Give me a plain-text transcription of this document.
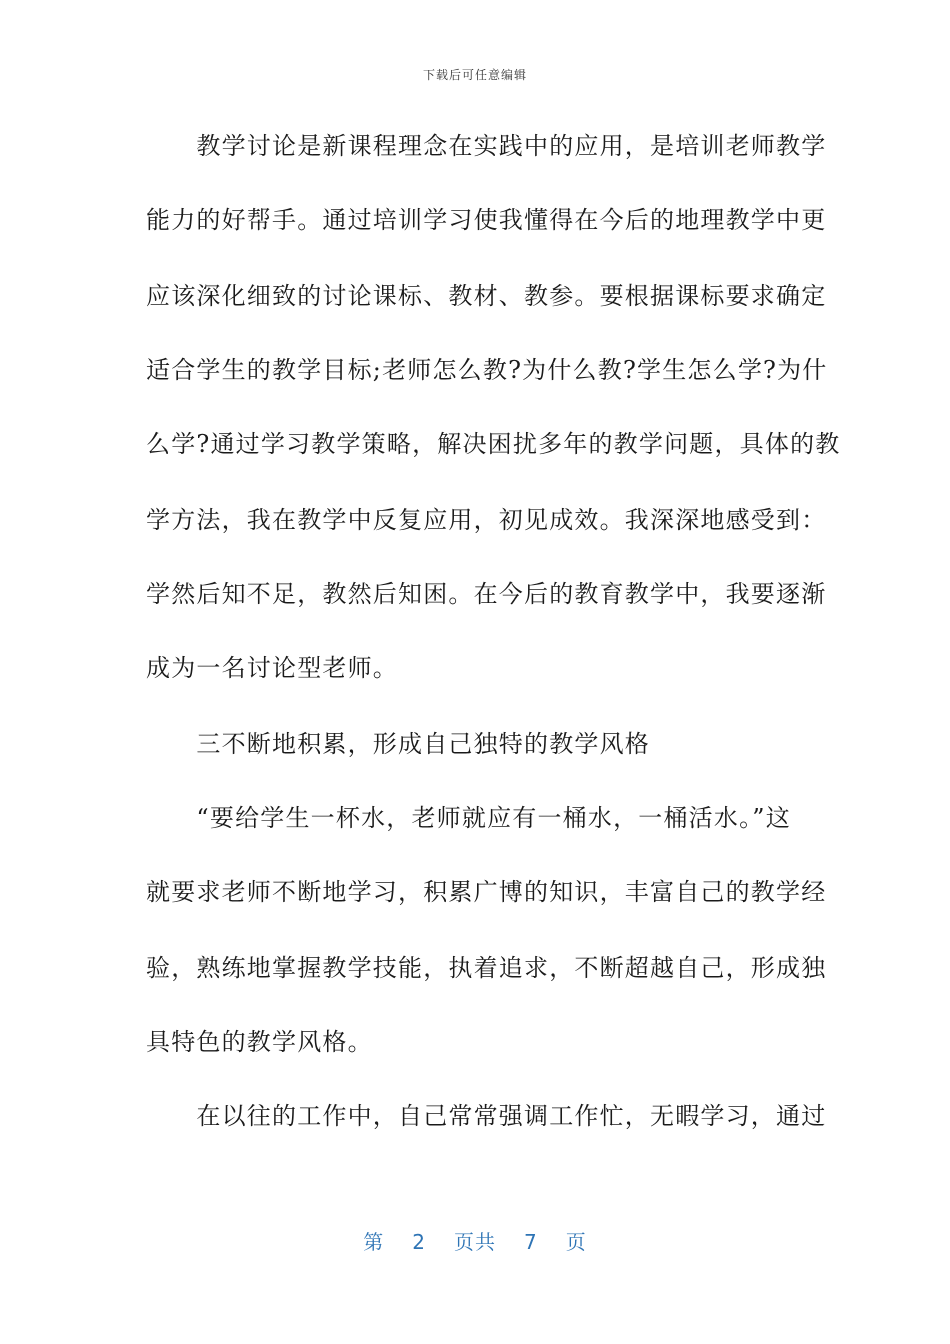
下载后可任意编辑
　　教学讨论是新课程理念在实践中的应用，是培训老师教学
能力的好帮手。通过培训学习使我懂得在今后的地理教学中更
应该深化细致的讨论课标、教材、教参。要根据课标要求确定
适合学生的教学目标;老师怎么教?为什么教?学生怎么学?为什
么学?通过学习教学策略，解决困扰多年的教学问题，具体的教
学方法，我在教学中反复应用，初见成效。我深深地感受到：
学然后知不足，教然后知困。在今后的教育教学中，我要逐渐
成为一名讨论型老师。
　　三不断地积累，形成自己独特的教学风格
　　“要给学生一杯水，老师就应有一桶水，一桶活水。”这
就要求老师不断地学习，积累广博的知识，丰富自己的教学经
验，熟练地掌握教学技能，执着追求，不断超越自己，形成独
具特色的教学风格。
　　在以往的工作中，自己常常强调工作忙，无暇学习，通过
第 2 页共 7 页
